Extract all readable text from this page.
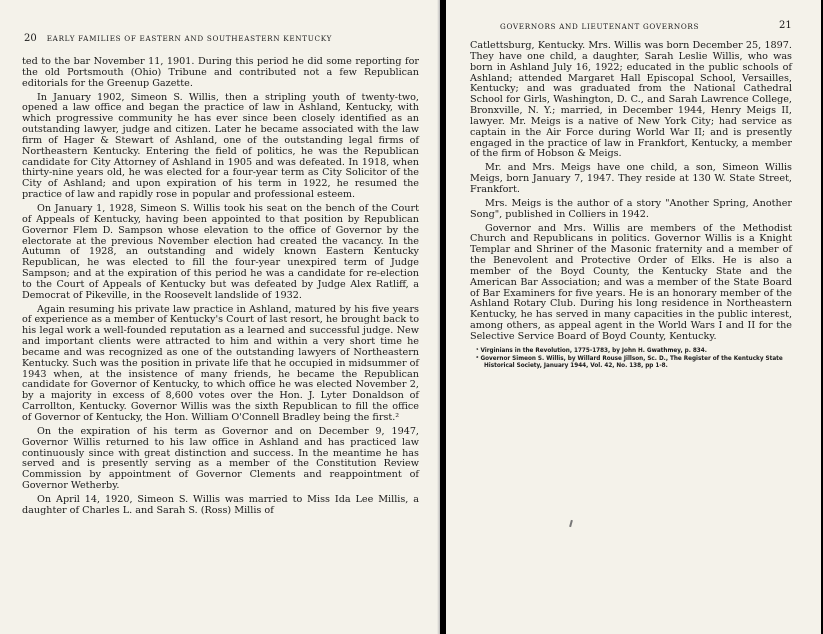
20 EARLY FAMILIES OF EASTERN AND SOUTHEASTERN KENTUCKY

ted to the bar November 11, 1901. During this period he did some reporting for the old Portsmouth (Ohio) Tribune and contributed not a few Republican editorials for the Greenup Gazette.

In January 1902, Simeon S. Willis, then a stripling youth of twenty-two, opened a law office and began the practice of law in Ashland, Kentucky, with which progressive community he has ever since been closely identified as an outstanding lawyer, judge and citizen. Later he became associated with the law firm of Hager & Stewart of Ashland, one of the outstanding legal firms of Northeastern Kentucky. Entering the field of politics, he was the Republican candidate for City Attorney of Ashland in 1905 and was defeated. In 1918, when thirty-nine years old, he was elected for a four-year term as City Solicitor of the City of Ashland; and upon expiration of his term in 1922, he resumed the practice of law and rapidly rose in popular and professional esteem.

On January 1, 1928, Simeon S. Willis took his seat on the bench of the Court of Appeals of Kentucky, having been appointed to that position by Republican Governor Flem D. Sampson whose elevation to the office of Governor by the electorate at the previous November election had created the vacancy. In the Autumn of 1928, an outstanding and widely known Eastern Kentucky Republican, he was elected to fill the four-year unexpired term of Judge Sampson; and at the expiration of this period he was a candidate for re-election to the Court of Appeals of Kentucky but was defeated by Judge Alex Ratliff, a Democrat of Pikeville, in the Roosevelt landslide of 1932.

Again resuming his private law practice in Ashland, matured by his five years of experience as a member of Kentucky's Court of last resort, he brought back to his legal work a well-founded reputation as a learned and successful judge. New and important clients were attracted to him and within a very short time he became and was recognized as one of the outstanding lawyers of Northeastern Kentucky. Such was the position in private life that he occupied in midsummer of 1943 when, at the insistence of many friends, he became the Republican candidate for Governor of Kentucky, to which office he was elected November 2, by a majority in excess of 8,600 votes over the Hon. J. Lyter Donaldson of Carrollton, Kentucky. Governor Willis was the sixth Republican to fill the office of Governor of Kentucky, the Hon. William O'Connell Bradley being the first.²

On the expiration of his term as Governor and on December 9, 1947, Governor Willis returned to his law office in Ashland and has practiced law continuously since with great distinction and success. In the meantime he has served and is presently serving as a member of the Constitution Review Commission by appointment of Governor Clements and reappointment of Governor Wetherby.

On April 14, 1920, Simeon S. Willis was married to Miss Ida Lee Millis, a daughter of Charles L. and Sarah S. (Ross) Millis of

GOVERNORS AND LIEUTENANT GOVERNORS	21

Catlettsburg, Kentucky. Mrs. Willis was born December 25, 1897. They have one child, a daughter, Sarah Leslie Willis, who was born in Ashland July 16, 1922; educated in the public schools of Ashland; attended Margaret Hall Episcopal School, Versailles, Kentucky; and was graduated from the National Cathedral School for Girls, Washington, D. C., and Sarah Lawrence College, Bronxville, N. Y.; married, in December 1944, Henry Meigs II, lawyer. Mr. Meigs is a native of New York City; had service as captain in the Air Force during World War II; and is presently engaged in the practice of law in Frankfort, Kentucky, a member of the firm of Hobson & Meigs.

Mr. and Mrs. Meigs have one child, a son, Simeon Willis Meigs, born January 7, 1947. They reside at 130 W. State Street, Frankfort.

Mrs. Meigs is the author of a story "Another Spring, Another Song", published in Colliers in 1942.

Governor and Mrs. Willis are members of the Methodist Church and Republicans in politics. Governor Willis is a Knight Templar and Shriner of the Masonic fraternity and a member of the Benevolent and Protective Order of Elks. He is also a member of the Boyd County, the Kentucky State and the American Bar Association; and was a member of the State Board of Bar Examiners for five years. He is an honorary member of the Ashland Rotary Club. During his long residence in Northeastern Kentucky, he has served in many capacities in the public interest, among others, as appeal agent in the World Wars I and II for the Selective Service Board of Boyd County, Kentucky.

¹ Virginians in the Revolution, 1775-1783, by John H. Gwathmey, p. 834.

² Governor Simeon S. Willis, by Willard Rouse Jillson, Sc. D., The Register of the Kentucky State Historical Society, January 1944, Vol. 42, No. 138, pp 1-8.
